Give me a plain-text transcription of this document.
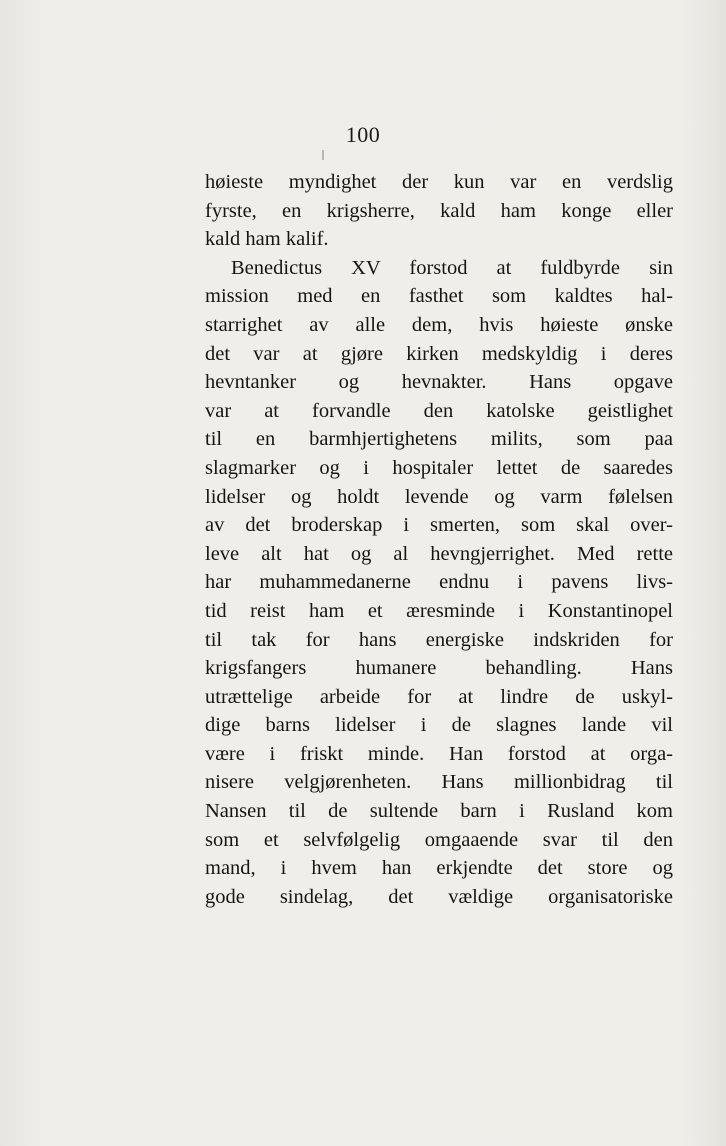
100
høieste myndighet der kun var en verdslig
fyrste, en krigsherre, kald ham konge eller
kald ham kalif.
Benedictus XV forstod at fuldbyrde sin
mission med en fasthet som kaldtes hal-
starrighet av alle dem, hvis høieste ønske
det var at gjøre kirken medskyldig i deres
hevntanker og hevnakter. Hans opgave
var at forvandle den katolske geistlighet
til en barmhjertighetens milits, som paa
slagmarker og i hospitaler lettet de saaredes
lidelser og holdt levende og varm følelsen
av det broderskap i smerten, som skal over-
leve alt hat og al hevngjerrighet. Med rette
har muhammedanerne endnu i pavens livs-
tid reist ham et æresminde i Konstantinopel
til tak for hans energiske indskriden for
krigsfangers humanere behandling. Hans
utrættelige arbeide for at lindre de uskyl-
dige barns lidelser i de slagnes lande vil
være i friskt minde. Han forstod at orga-
nisere velgjørenheten. Hans millionbidrag til
Nansen til de sultende barn i Rusland kom
som et selvfølgelig omgaaende svar til den
mand, i hvem han erkjendte det store og
gode sindelag, det vældige organisatoriske
